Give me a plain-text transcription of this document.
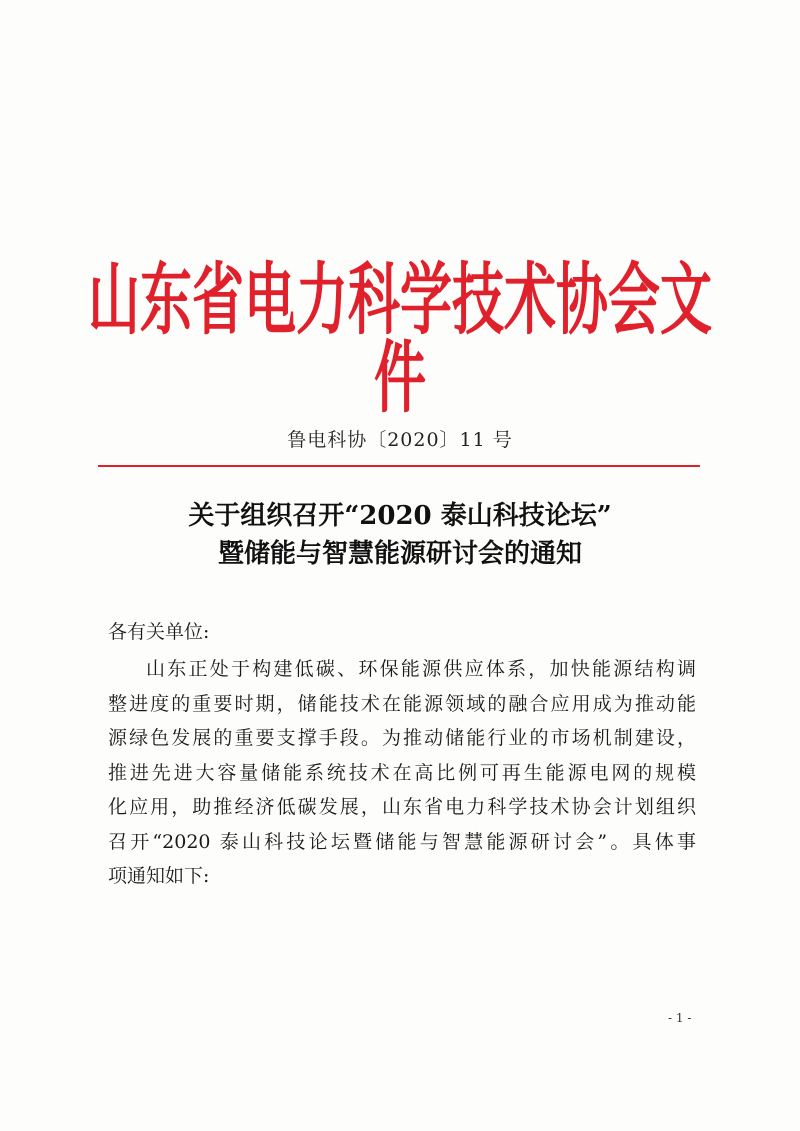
山东省电力科学技术协会文件
鲁电科协〔2020〕11 号
关于组织召开“2020 泰山科技论坛”
暨储能与智慧能源研讨会的通知
各有关单位:
山东正处于构建低碳、环保能源供应体系，加快能源结构调
整进度的重要时期，储能技术在能源领域的融合应用成为推动能
源绿色发展的重要支撑手段。为推动储能行业的市场机制建设，
推进先进大容量储能系统技术在高比例可再生能源电网的规模
化应用，助推经济低碳发展，山东省电力科学技术协会计划组织
召开“2020 泰山科技论坛暨储能与智慧能源研讨会”。具体事
项通知如下:
- 1 -
